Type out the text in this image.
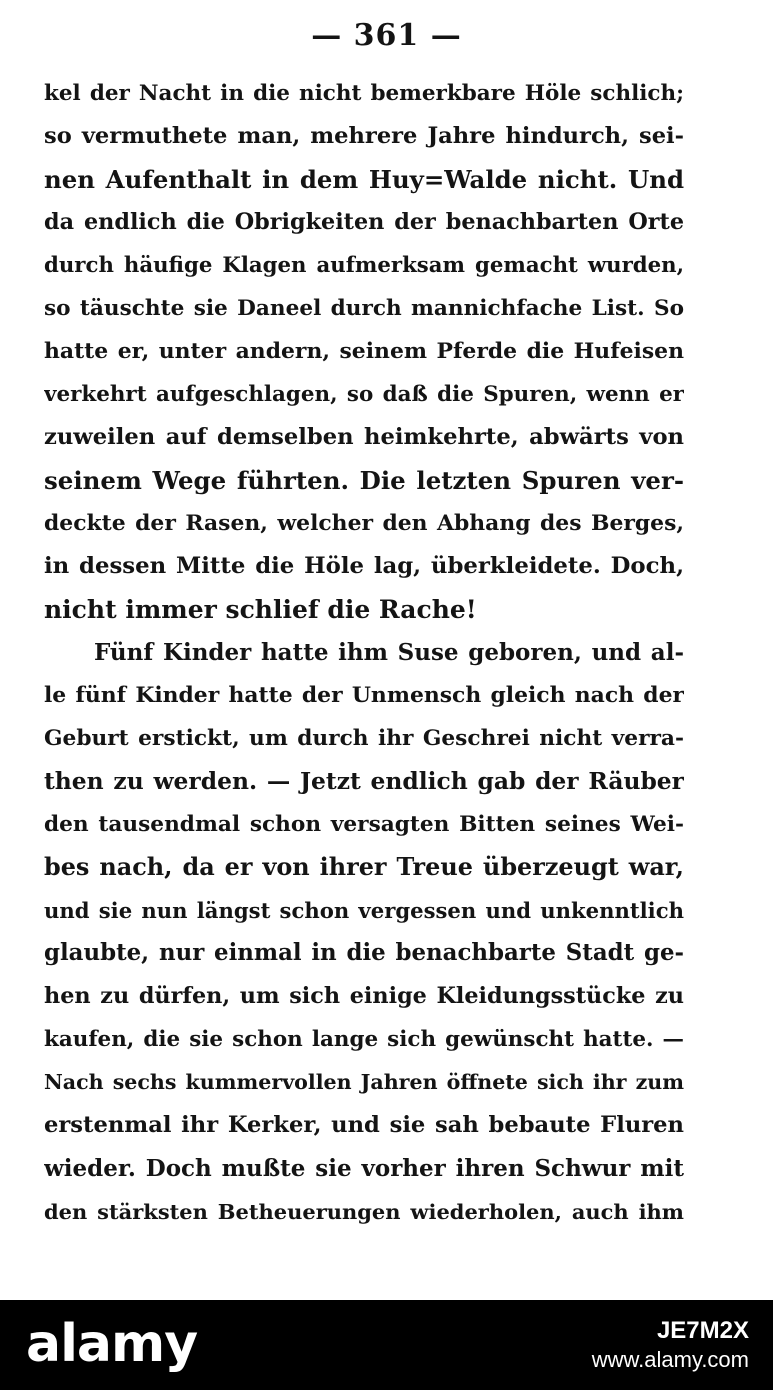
— 361 —
kel der Nacht in die nicht bemerkbare Höle schlich;
so vermuthete man, mehrere Jahre hindurch, sei-
nen Aufenthalt in dem Huy=Walde nicht. Und
da endlich die Obrigkeiten der benachbarten Orte
durch häufige Klagen aufmerksam gemacht wurden,
so täuschte sie Daneel durch mannichfache List. So
hatte er, unter andern, seinem Pferde die Hufeisen
verkehrt aufgeschlagen, so daß die Spuren, wenn er
zuweilen auf demselben heimkehrte, abwärts von
seinem Wege führten. Die letzten Spuren ver-
deckte der Rasen, welcher den Abhang des Berges,
in dessen Mitte die Höle lag, überkleidete. Doch,
nicht immer schlief die Rache!
Fünf Kinder hatte ihm Suse geboren, und al-
le fünf Kinder hatte der Unmensch gleich nach der
Geburt erstickt, um durch ihr Geschrei nicht verra-
then zu werden. — Jetzt endlich gab der Räuber
den tausendmal schon versagten Bitten seines Wei-
bes nach, da er von ihrer Treue überzeugt war,
und sie nun längst schon vergessen und unkenntlich
glaubte, nur einmal in die benachbarte Stadt ge-
hen zu dürfen, um sich einige Kleidungsstücke zu
kaufen, die sie schon lange sich gewünscht hatte. —
Nach sechs kummervollen Jahren öffnete sich ihr zum
erstenmal ihr Kerker, und sie sah bebaute Fluren
wieder. Doch mußte sie vorher ihren Schwur mit
den stärksten Betheuerungen wiederholen, auch ihm
alamy	JE7M2X
www.alamy.com
